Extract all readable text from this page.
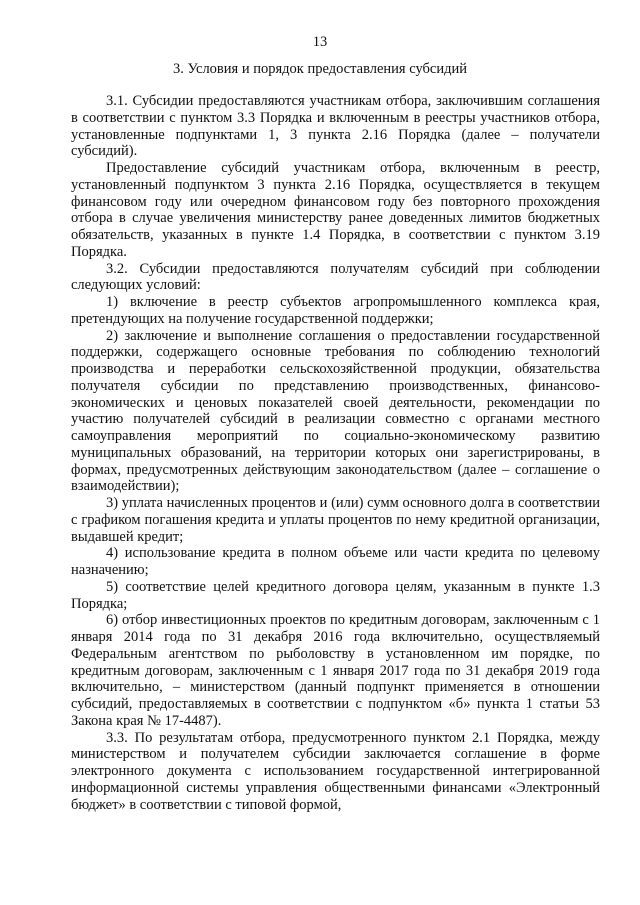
13
3. Условия и порядок предоставления субсидий

3.1. Субсидии предоставляются участникам отбора, заключившим соглашения в соответствии с пунктом 3.3 Порядка и включенным в реестры участников отбора, установленные подпунктами 1, 3 пункта 2.16 Порядка (далее – получатели субсидий).

Предоставление субсидий участникам отбора, включенным в реестр, установленный подпунктом 3 пункта 2.16 Порядка, осуществляется в текущем финансовом году или очередном финансовом году без повторного прохождения отбора в случае увеличения министерству ранее доведенных лимитов бюджетных обязательств, указанных в пункте 1.4 Порядка, в соответствии с пунктом 3.19 Порядка.

3.2. Субсидии предоставляются получателям субсидий при соблюдении следующих условий:

1) включение в реестр субъектов агропромышленного комплекса края, претендующих на получение государственной поддержки;

2) заключение и выполнение соглашения о предоставлении государственной поддержки, содержащего основные требования по соблюдению технологий производства и переработки сельскохозяйственной продукции, обязательства получателя субсидии по представлению производственных, финансово-экономических и ценовых показателей своей деятельности, рекомендации по участию получателей субсидий в реализации совместно с органами местного самоуправления мероприятий по социально-экономическому развитию муниципальных образований, на территории которых они зарегистрированы, в формах, предусмотренных действующим законодательством (далее – соглашение о взаимодействии);

3) уплата начисленных процентов и (или) сумм основного долга в соответствии с графиком погашения кредита и уплаты процентов по нему кредитной организации, выдавшей кредит;

4) использование кредита в полном объеме или части кредита по целевому назначению;

5) соответствие целей кредитного договора целям, указанным в пункте 1.3 Порядка;

6) отбор инвестиционных проектов по кредитным договорам, заключенным с 1 января 2014 года по 31 декабря 2016 года включительно, осуществляемый Федеральным агентством по рыболовству в установленном им порядке, по кредитным договорам, заключенным с 1 января 2017 года по 31 декабря 2019 года включительно, – министерством (данный подпункт применяется в отношении субсидий, предоставляемых в соответствии с подпунктом «б» пункта 1 статьи 53 Закона края № 17-4487).

3.3. По результатам отбора, предусмотренного пунктом 2.1 Порядка, между министерством и получателем субсидии заключается соглашение в форме электронного документа с использованием государственной интегрированной информационной системы управления общественными финансами «Электронный бюджет» в соответствии с типовой формой,
